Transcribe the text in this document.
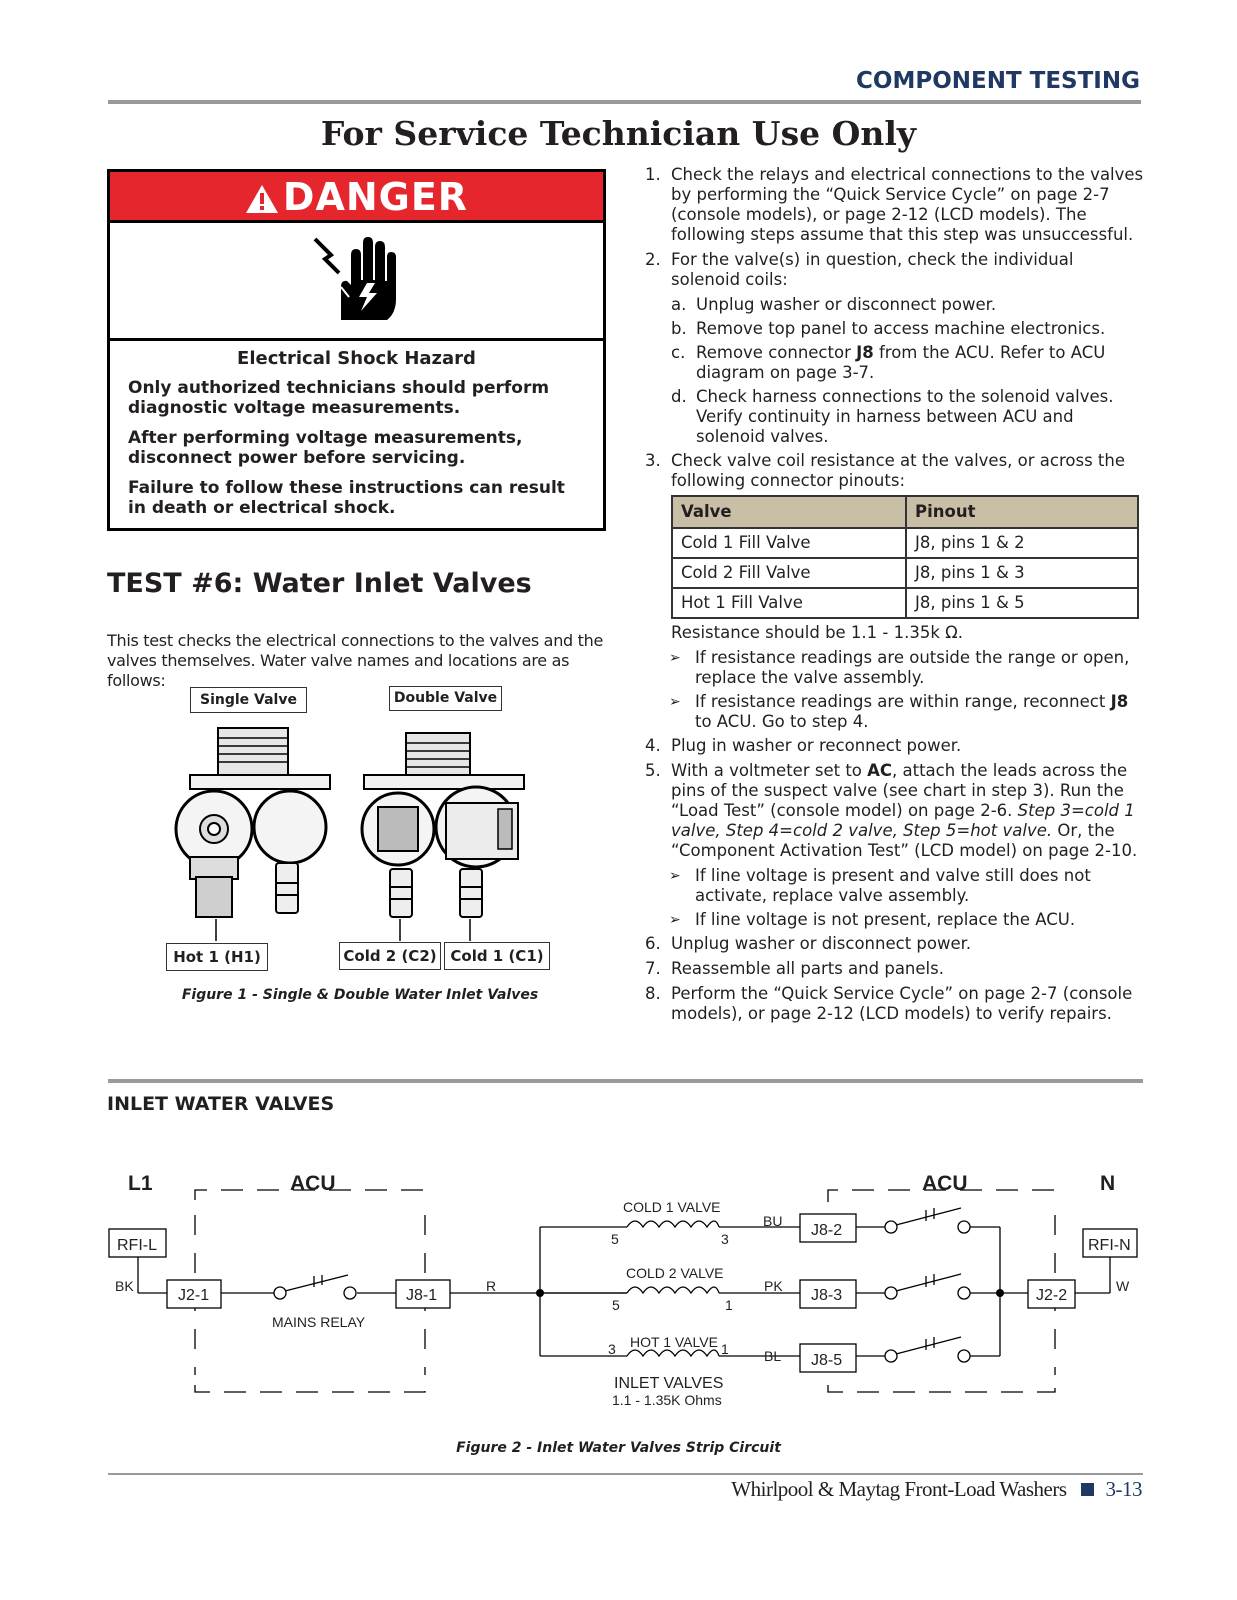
COMPONENT TESTING
For Service Technician Use Only
DANGER
Electrical Shock Hazard
Only authorized technicians should perform diagnostic voltage measurements.
After performing voltage measurements, disconnect power before servicing.
Failure to follow these instructions can result in death or electrical shock.
TEST #6: Water Inlet Valves
This test checks the electrical connections to the valves and the valves themselves. Water valve names and locations are as follows:
Single Valve	Double Valve
Hot 1 (H1)	Cold 2 (C2) Cold 1 (C1)
Figure 1 - Single & Double Water Inlet Valves
1. Check the relays and electrical connections to the valves by performing the “Quick Service Cycle” on page 2-7 (console models), or page 2-12 (LCD models). The following steps assume that this step was unsuccessful.
2. For the valve(s) in question, check the individual solenoid coils:
a. Unplug washer or disconnect power.
b. Remove top panel to access machine electronics.
c. Remove connector J8 from the ACU. Refer to ACU diagram on page 3-7.
d. Check harness connections to the solenoid valves. Verify continuity in harness between ACU and solenoid valves.
3. Check valve coil resistance at the valves, or across the following connector pinouts:
Valve	Pinout
Cold 1 Fill Valve	J8, pins 1 & 2
Cold 2 Fill Valve	J8, pins 1 & 3
Hot 1 Fill Valve	J8, pins 1 & 5
Resistance should be 1.1 - 1.35k Ω.
➢ If resistance readings are outside the range or open, replace the valve assembly.
➢ If resistance readings are within range, reconnect J8 to ACU. Go to step 4.
4. Plug in washer or reconnect power.
5. With a voltmeter set to AC, attach the leads across the pins of the suspect valve (see chart in step 3). Run the “Load Test” (console model) on page 2-6. Step 3=cold 1 valve, Step 4=cold 2 valve, Step 5=hot valve. Or, the “Component Activation Test” (LCD model) on page 2-10.
➢ If line voltage is present and valve still does not activate, replace valve assembly.
➢ If line voltage is not present, replace the ACU.
6. Unplug washer or disconnect power.
7. Reassemble all parts and panels.
8. Perform the “Quick Service Cycle” on page 2-7 (console models), or page 2-12 (LCD models) to verify repairs.
INLET WATER VALVES
L1	ACU	ACU	N
RFI-L	RFI-N
BK	W
R
J2-1	J8-1
J8-2
J8-3
J8-5
J2-2
MAINS RELAY
COLD 1 VALVE
COLD 2 VALVE
HOT 1 VALVE
BU
PK
BL
5	3
5	1
3	1
INLET VALVES
1.1 - 1.35K Ohms
Figure 2 - Inlet Water Valves Strip Circuit
Whirlpool & Maytag Front-Load Washers 3-13
